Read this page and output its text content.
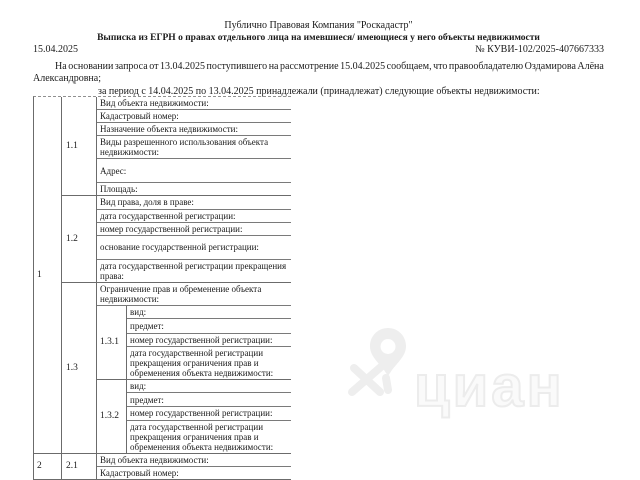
Публично Правовая Компания "Роскадастр"
Выписка из ЕГРН о правах отдельного лица на имевшиеся/ имеющиеся у него объекты недвижимости
15.04.2025	№ КУВИ-102/2025-407667333
На основании запроса от 13.04.2025 поступившего на рассмотрение 15.04.2025 сообщаем, что правообладателю Оздамирова Алёна
Александровна;
за период с 14.04.2025 по 13.04.2025 принадлежали (принадлежат) следующие объекты недвижимости:
1
1.1
Вид объекта недвижимости:
Кадастровый номер:
Назначение объекта недвижимости:
Виды разрешенного использования объекта недвижимости:
Адрес:
Площадь:
1.2
Вид права, доля в праве:
дата государственной регистрации:
номер государственной регистрации:
основание государственной регистрации:
дата государственной регистрации прекращения права:
1.3
Ограничение прав и обременение объекта недвижимости:
1.3.1
вид:
предмет:
номер государственной регистрации:
дата государственной регистрации прекращения ограничения прав и обременения объекта недвижимости:
1.3.2
вид:
предмет:
номер государственной регистрации:
дата государственной регистрации прекращения ограничения прав и обременения объекта недвижимости:
2	2.1
Вид объекта недвижимости:
Кадастровый номер:
циан
